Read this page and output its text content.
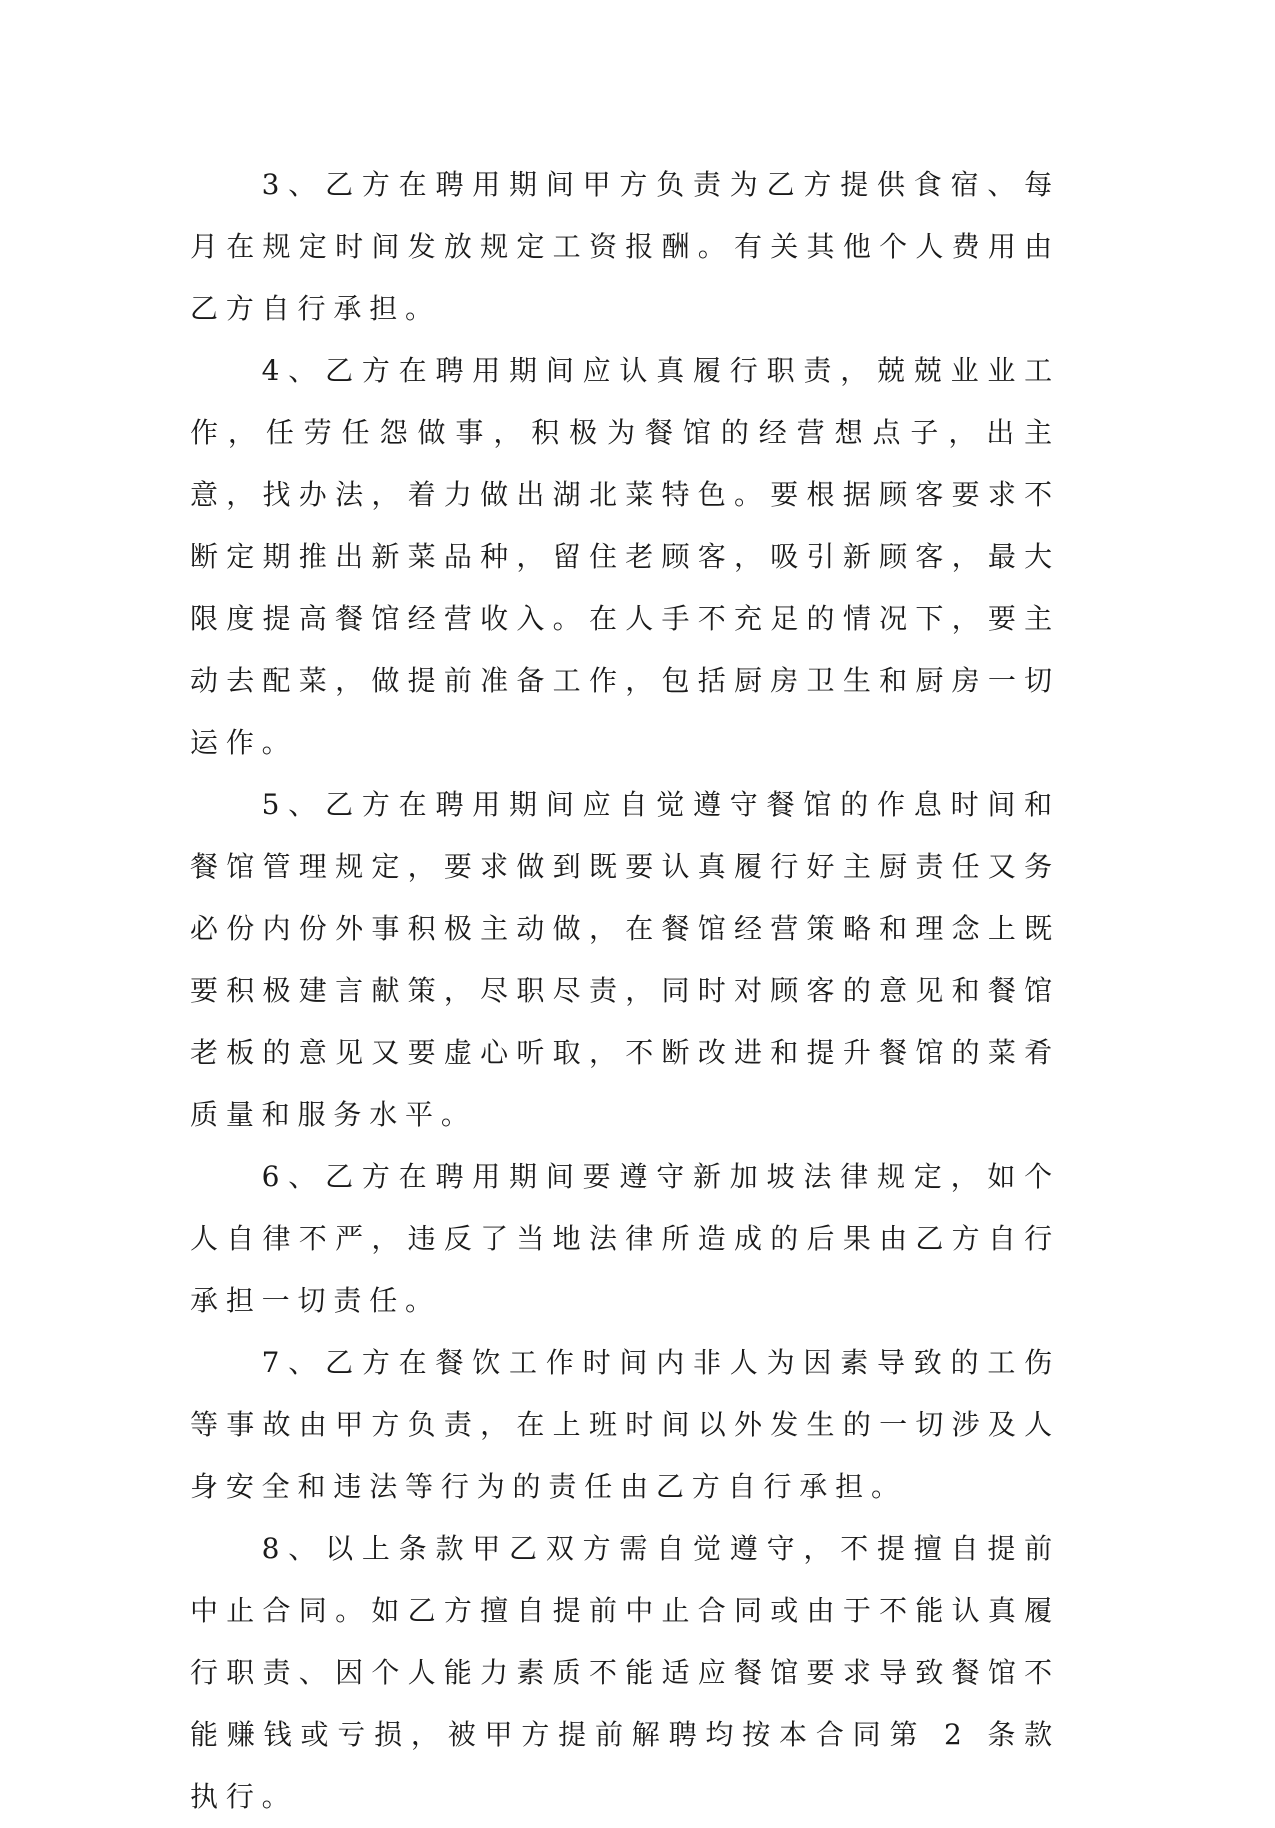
3、乙方在聘用期间甲方负责为乙方提供食宿、每月在规定时间发放规定工资报酬。有关其他个人费用由乙方自行承担。

4、乙方在聘用期间应认真履行职责，兢兢业业工作，任劳任怨做事，积极为餐馆的经营想点子，出主意，找办法，着力做出湖北菜特色。要根据顾客要求不断定期推出新菜品种，留住老顾客，吸引新顾客，最大限度提高餐馆经营收入。在人手不充足的情况下，要主动去配菜，做提前准备工作，包括厨房卫生和厨房一切运作。

5、乙方在聘用期间应自觉遵守餐馆的作息时间和餐馆管理规定，要求做到既要认真履行好主厨责任又务必份内份外事积极主动做，在餐馆经营策略和理念上既要积极建言献策，尽职尽责，同时对顾客的意见和餐馆老板的意见又要虚心听取，不断改进和提升餐馆的菜肴质量和服务水平。

6、乙方在聘用期间要遵守新加坡法律规定，如个人自律不严，违反了当地法律所造成的后果由乙方自行承担一切责任。

7、乙方在餐饮工作时间内非人为因素导致的工伤等事故由甲方负责，在上班时间以外发生的一切涉及人身安全和违法等行为的责任由乙方自行承担。

8、以上条款甲乙双方需自觉遵守，不提擅自提前中止合同。如乙方擅自提前中止合同或由于不能认真履行职责、因个人能力素质不能适应餐馆要求导致餐馆不能赚钱或亏损，被甲方提前解聘均按本合同第 2 条款执行。
